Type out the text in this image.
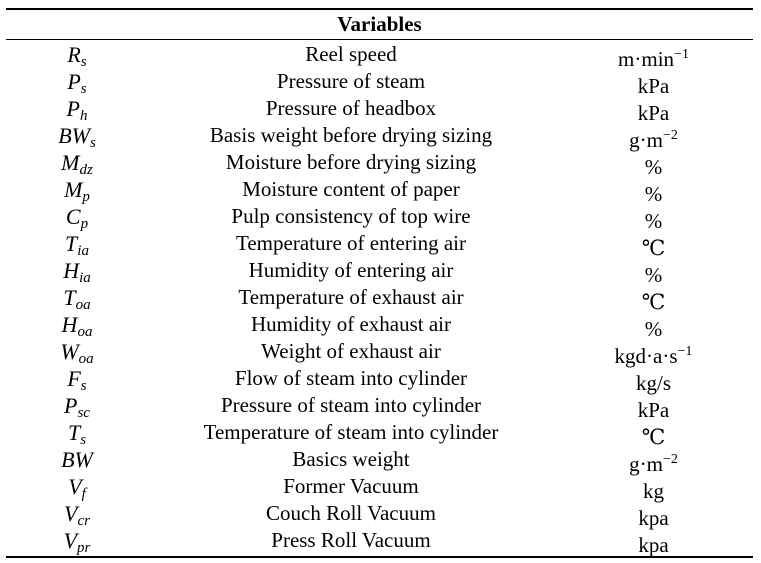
Variables
Rs	Reel speed	$m\cdot\min^{-1}$
Ps	Pressure of steam	kPa
Ph	Pressure of headbox	kPa
BWs	Basis weight before drying sizing	$g\cdot m^{-2}$
Mdz	Moisture before drying sizing	%
Mp	Moisture content of paper	%
Cp	Pulp consistency of top wire	%
Tia	Temperature of entering air	℃
Hia	Humidity of entering air	%
Toa	Temperature of exhaust air	℃
Hoa	Humidity of exhaust air	%
Woa	Weight of exhaust air	$kgd\cdot a\cdot s^{-1}$
Fs	Flow of steam into cylinder	kg/s
Psc	Pressure of steam into cylinder	kPa
Ts	Temperature of steam into cylinder	℃
BW	Basics weight	$g\cdot m^{-2}$
Vf	Former Vacuum	kg
Vcr	Couch Roll Vacuum	kpa
Vpr	Press Roll Vacuum	kpa
